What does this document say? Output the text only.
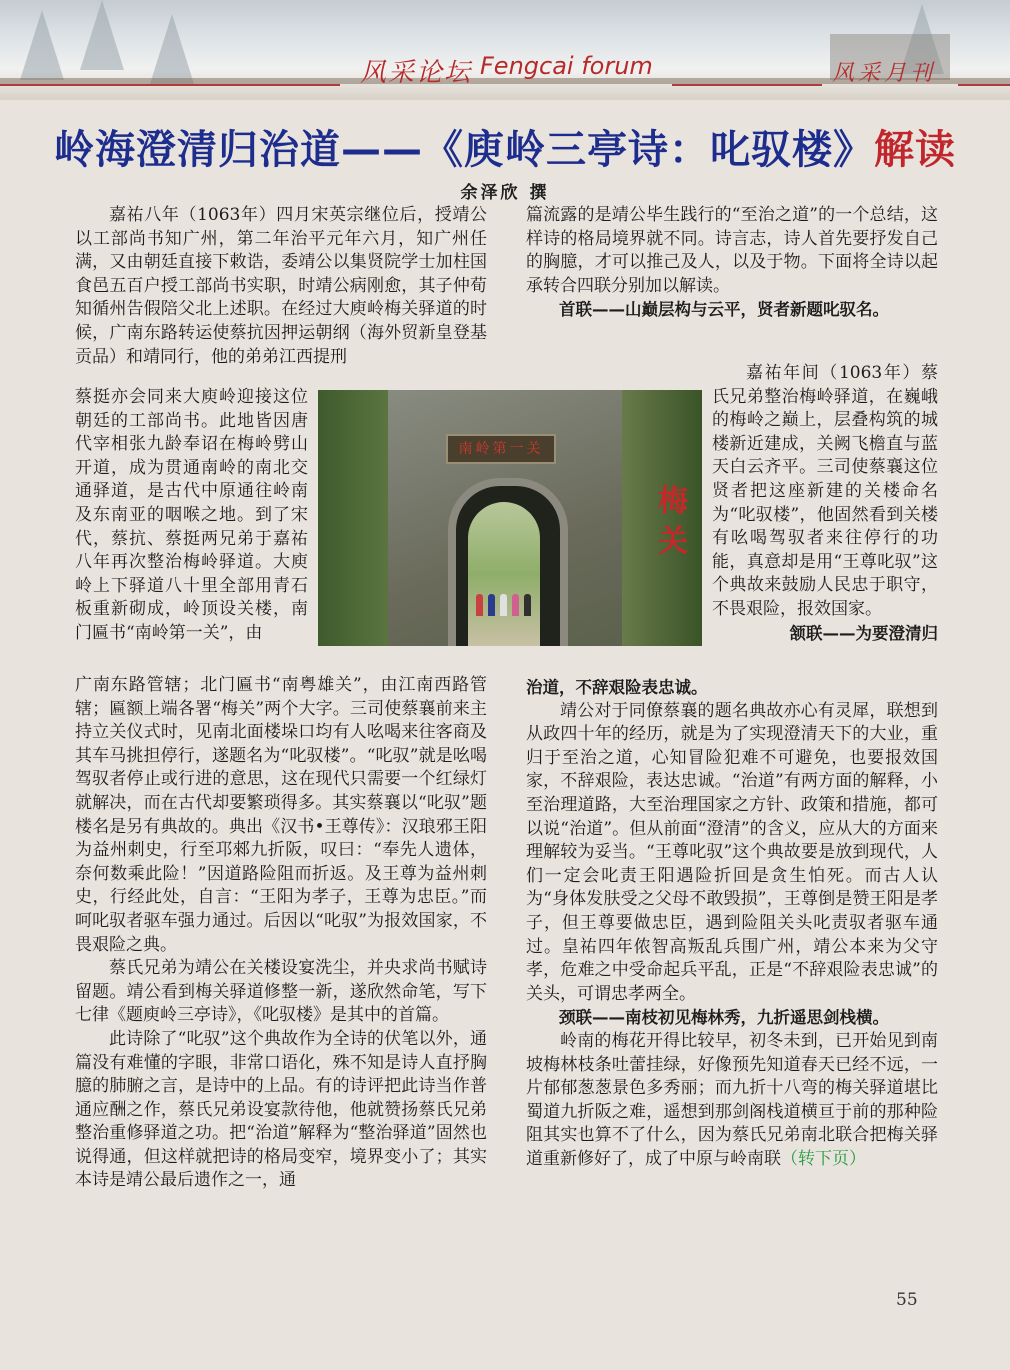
风采论坛 Fengcai forum	风采月刊
岭海澄清归治道——《庾岭三亭诗：叱驭楼》解读
余泽欣 撰

嘉祐八年（1063年）四月宋英宗继位后，授靖公以工部尚书知广州，第二年治平元年六月，知广州任满，又由朝廷直接下敕诰，委靖公以集贤院学士加柱国食邑五百户授工部尚书实职，时靖公病刚愈，其子仲荀知循州告假陪父北上述职。在经过大庾岭梅关驿道的时候，广南东路转运使蔡抗因押运朝纲（海外贸新皇登基贡品）和靖同行，他的弟弟江西提刑

蔡挺亦会同来大庾岭迎接这位朝廷的工部尚书。此地皆因唐代宰相张九龄奉诏在梅岭劈山开道，成为贯通南岭的南北交通驿道，是古代中原通往岭南及东南亚的咽喉之地。到了宋代，蔡抗、蔡挺两兄弟于嘉祐八年再次整治梅岭驿道。大庾岭上下驿道八十里全部用青石板重新砌成，岭顶设关楼，南门匾书“南岭第一关”，由

广南东路管辖；北门匾书“南粤雄关”，由江南西路管辖；匾额上端各署“梅关”两个大字。三司使蔡襄前来主持立关仪式时，见南北面楼垛口均有人吆喝来往客商及其车马挑担停行，遂题名为“叱驭楼”。“叱驭”就是吆喝驾驭者停止或行进的意思，这在现代只需要一个红绿灯就解决，而在古代却要繁琐得多。其实蔡襄以“叱驭”题楼名是另有典故的。典出《汉书•王尊传》：汉琅邪王阳为益州刺史，行至邛郲九折阪，叹曰：“奉先人遗体，奈何数乘此险！”因道路险阻而折返。及王尊为益州刺史，行经此处，自言：“王阳为孝子，王尊为忠臣。”而呵叱驭者驱车强力通过。后因以“叱驭”为报效国家，不畏艰险之典。

蔡氏兄弟为靖公在关楼设宴洗尘，并央求尚书赋诗留题。靖公看到梅关驿道修整一新，遂欣然命笔，写下七律《题庾岭三亭诗》，《叱驭楼》是其中的首篇。

此诗除了“叱驭”这个典故作为全诗的伏笔以外，通篇没有难懂的字眼，非常口语化，殊不知是诗人直抒胸臆的肺腑之言，是诗中的上品。有的诗评把此诗当作普通应酬之作，蔡氏兄弟设宴款待他，他就赞扬蔡氏兄弟整治重修驿道之功。把“治道”解释为“整治驿道”固然也说得通，但这样就把诗的格局变窄，境界变小了；其实本诗是靖公最后遗作之一，通

南岭第一关
梅关

篇流露的是靖公毕生践行的“至治之道”的一个总结，这样诗的格局境界就不同。诗言志，诗人首先要抒发自己的胸臆，才可以推己及人，以及于物。下面将全诗以起承转合四联分别加以解读。

首联——山巅层构与云平，贤者新题叱驭名。

嘉祐年间（1063年）蔡氏兄弟整治梅岭驿道，在巍峨的梅岭之巅上，层叠构筑的城楼新近建成，关阙飞檐直与蓝天白云齐平。三司使蔡襄这位贤者把这座新建的关楼命名为“叱驭楼”，他固然看到关楼有吆喝驾驭者来往停行的功能，真意却是用“王尊叱驭”这个典故来鼓励人民忠于职守，不畏艰险，报效国家。

颔联——为要澄清归

治道，不辞艰险表忠诚。

靖公对于同僚蔡襄的题名典故亦心有灵犀，联想到从政四十年的经历，就是为了实现澄清天下的大业，重归于至治之道，心知冒险犯难不可避免，也要报效国家，不辞艰险，表达忠诚。“治道”有两方面的解释，小至治理道路，大至治理国家之方针、政策和措施，都可以说“治道”。但从前面“澄清”的含义，应从大的方面来理解较为妥当。“王尊叱驭”这个典故要是放到现代，人们一定会叱责王阳遇险折回是贪生怕死。而古人认为“身体发肤受之父母不敢毁损”，王尊倒是赞王阳是孝子，但王尊要做忠臣，遇到险阻关头叱责驭者驱车通过。皇祐四年侬智高叛乱兵围广州，靖公本来为父守孝，危难之中受命起兵平乱，正是“不辞艰险表忠诚”的关头，可谓忠孝两全。

颈联——南枝初见梅林秀，九折遥思剑栈横。

岭南的梅花开得比较早，初冬未到，已开始见到南坡梅林枝条吐蕾挂绿，好像预先知道春天已经不远，一片郁郁葱葱景色多秀丽；而九折十八弯的梅关驿道堪比蜀道九折阪之难，遥想到那剑阁栈道横亘于前的那种险阻其实也算不了什么，因为蔡氏兄弟南北联合把梅关驿道重新修好了，成了中原与岭南联（转下页）

55
